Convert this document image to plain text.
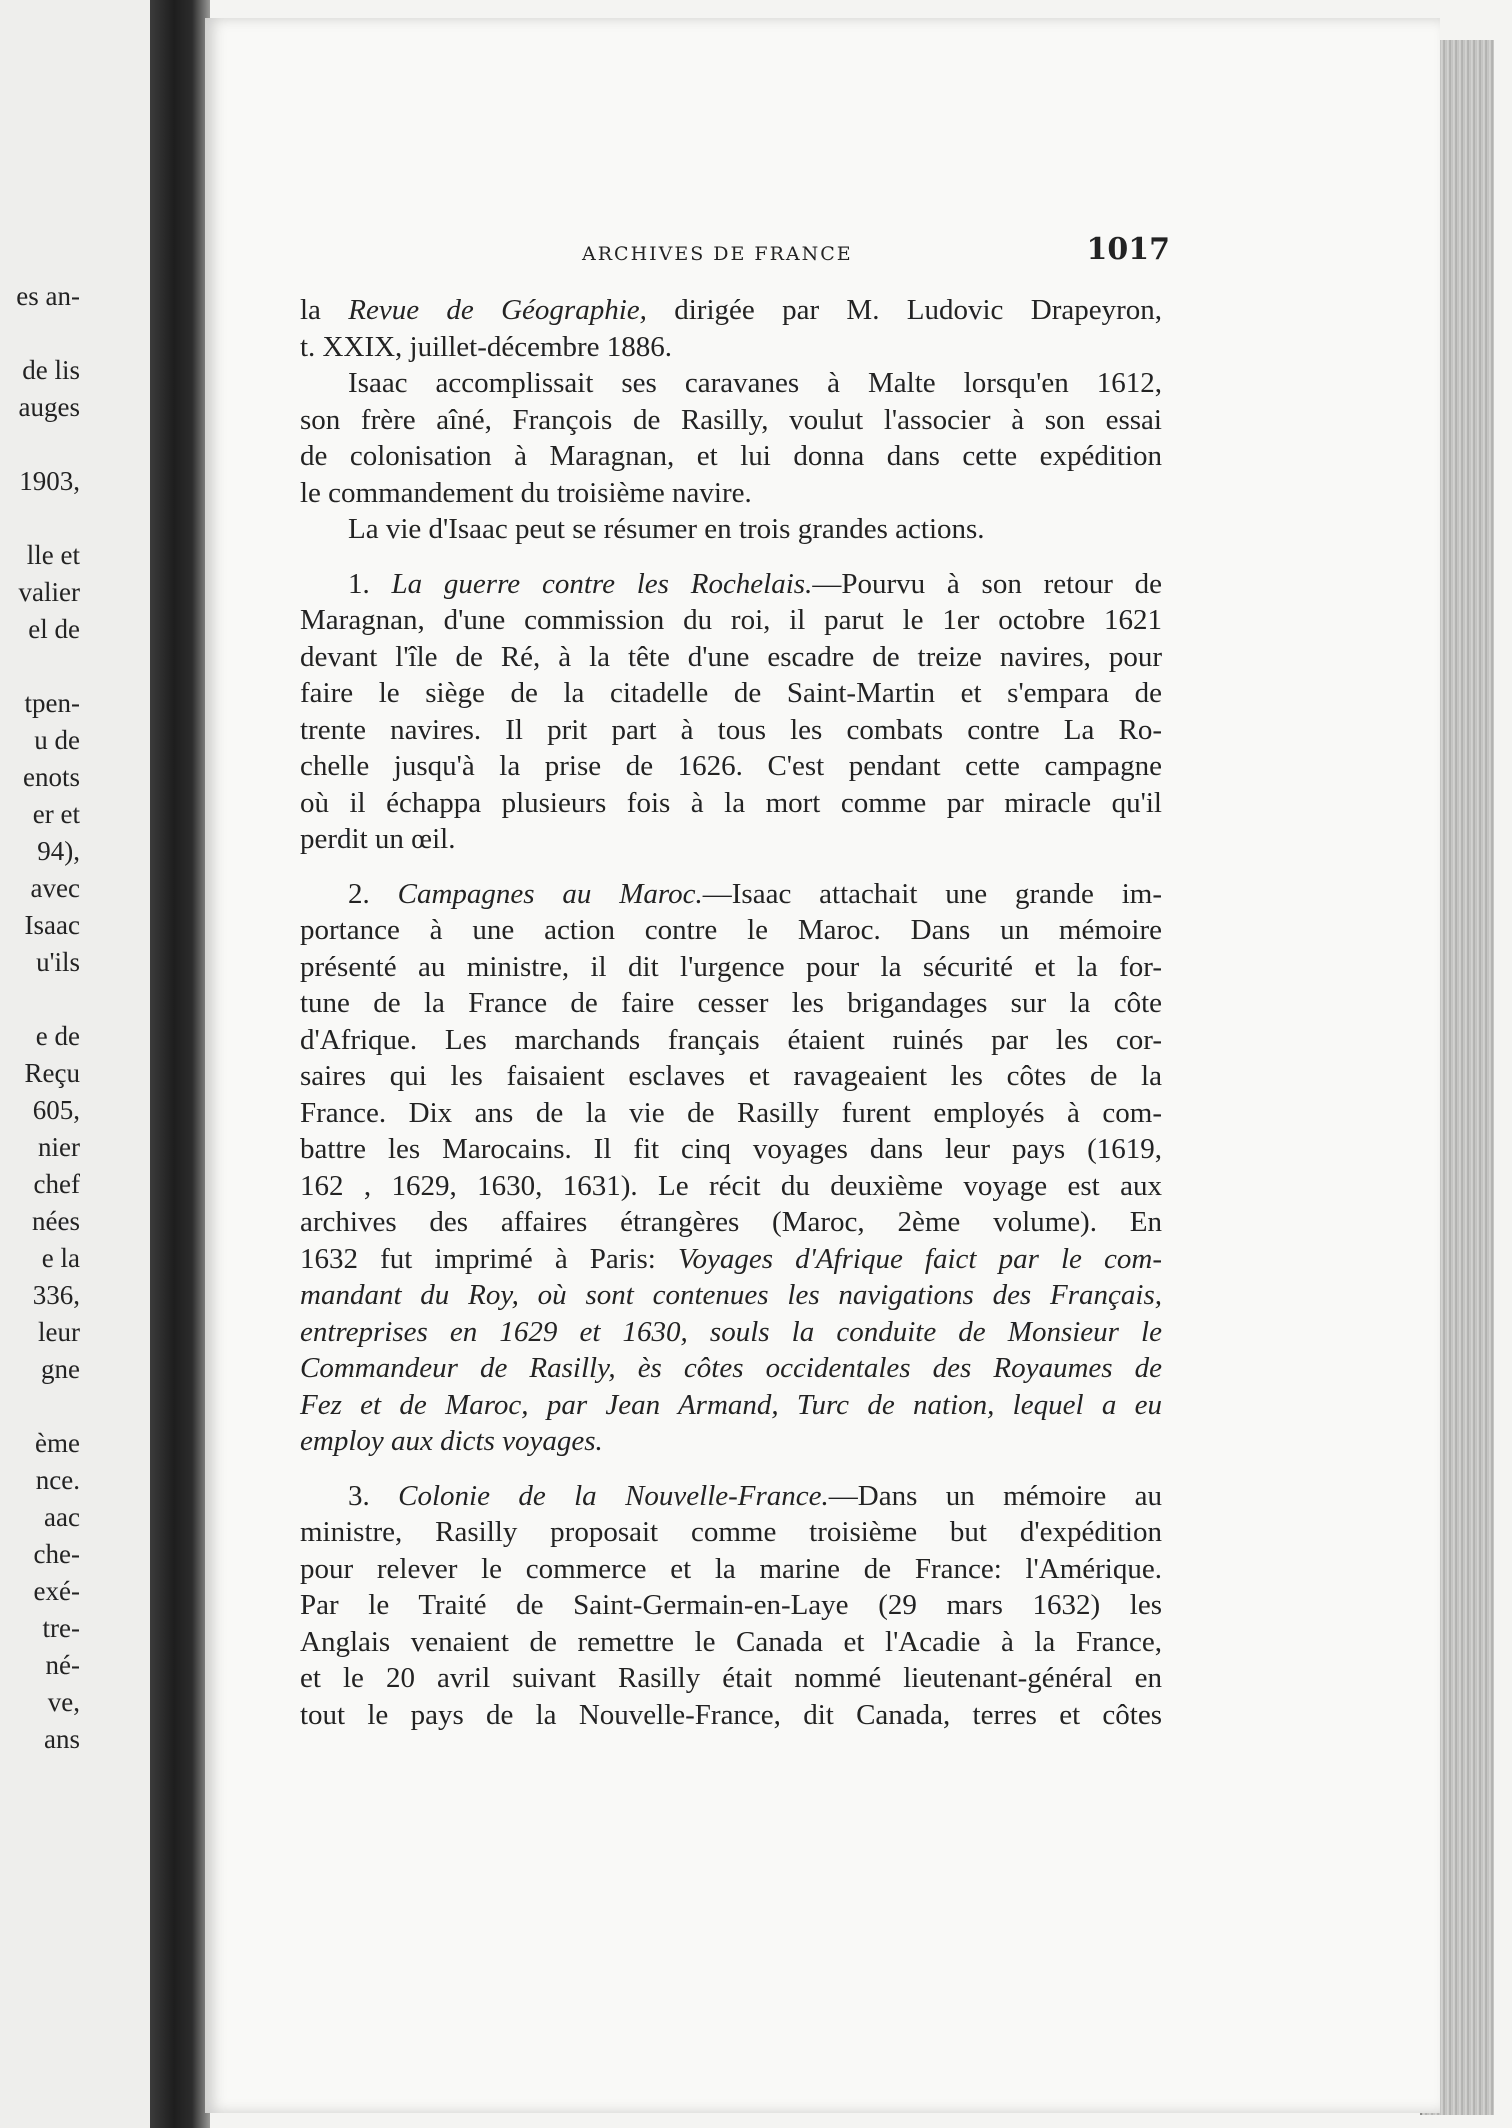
es an-
de lis
auges
1903,
lle et
valier
el de
tpen-
u de
enots
er et
94),
avec
Isaac
u'ils
e de
Reçu
605,
nier
chef
nées
e la
336,
leur
gne
ème
nce.
aac
che-
exé-
tre-
né-
ve,
ans
ARCHIVES DE FRANCE	1017
la Revue de Géographie, dirigée par M. Ludovic Drapeyron,
t. XXIX, juillet-décembre 1886.
Isaac accomplissait ses caravanes à Malte lorsqu'en 1612,
son frère aîné, François de Rasilly, voulut l'associer à son essai
de colonisation à Maragnan, et lui donna dans cette expédition
le commandement du troisième navire.
La vie d'Isaac peut se résumer en trois grandes actions.
1. La guerre contre les Rochelais.—Pourvu à son retour de
Maragnan, d'une commission du roi, il parut le 1er octobre 1621
devant l'île de Ré, à la tête d'une escadre de treize navires, pour
faire le siège de la citadelle de Saint-Martin et s'empara de
trente navires. Il prit part à tous les combats contre La Ro-
chelle jusqu'à la prise de 1626. C'est pendant cette campagne
où il échappa plusieurs fois à la mort comme par miracle qu'il
perdit un œil.
2. Campagnes au Maroc.—Isaac attachait une grande im-
portance à une action contre le Maroc. Dans un mémoire
présenté au ministre, il dit l'urgence pour la sécurité et la for-
tune de la France de faire cesser les brigandages sur la côte
d'Afrique. Les marchands français étaient ruinés par les cor-
saires qui les faisaient esclaves et ravageaient les côtes de la
France. Dix ans de la vie de Rasilly furent employés à com-
battre les Marocains. Il fit cinq voyages dans leur pays (1619,
162 , 1629, 1630, 1631). Le récit du deuxième voyage est aux
archives des affaires étrangères (Maroc, 2ème volume). En
1632 fut imprimé à Paris: Voyages d'Afrique faict par le com-
mandant du Roy, où sont contenues les navigations des Français,
entreprises en 1629 et 1630, souls la conduite de Monsieur le
Commandeur de Rasilly, ès côtes occidentales des Royaumes de
Fez et de Maroc, par Jean Armand, Turc de nation, lequel a eu
employ aux dicts voyages.
3. Colonie de la Nouvelle-France.—Dans un mémoire au
ministre, Rasilly proposait comme troisième but d'expédition
pour relever le commerce et la marine de France: l'Amérique.
Par le Traité de Saint-Germain-en-Laye (29 mars 1632) les
Anglais venaient de remettre le Canada et l'Acadie à la France,
et le 20 avril suivant Rasilly était nommé lieutenant-général en
tout le pays de la Nouvelle-France, dit Canada, terres et côtes
